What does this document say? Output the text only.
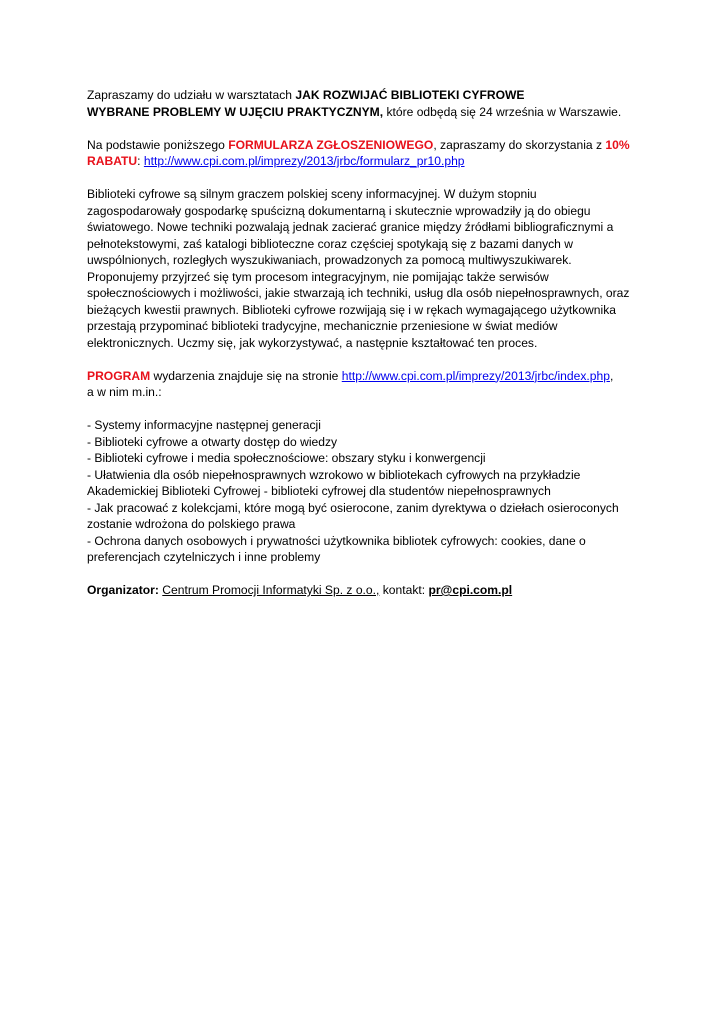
Zapraszamy do udziału w warsztatach JAK ROZWIJAĆ BIBLIOTEKI CYFROWE
WYBRANE PROBLEMY W UJĘCIU PRAKTYCZNYM, które odbędą się 24 września w Warszawie.

Na podstawie poniższego FORMULARZA ZGŁOSZENIOWEGO, zapraszamy do skorzystania z 10%
RABATU: http://www.cpi.com.pl/imprezy/2013/jrbc/formularz_pr10.php

Biblioteki cyfrowe są silnym graczem polskiej sceny informacyjnej. W dużym stopniu
zagospodarowały gospodarkę spuścizną dokumentarną i skutecznie wprowadziły ją do obiegu
światowego. Nowe techniki pozwalają jednak zacierać granice między źródłami bibliograficznymi a
pełnotekstowymi, zaś katalogi biblioteczne coraz częściej spotykają się z bazami danych w
uwspólnionych, rozległych wyszukiwaniach, prowadzonych za pomocą multiwyszukiwarek.
Proponujemy przyjrzeć się tym procesom integracyjnym, nie pomijając także serwisów
społecznościowych i możliwości, jakie stwarzają ich techniki, usług dla osób niepełnosprawnych, oraz
bieżących kwestii prawnych. Biblioteki cyfrowe rozwijają się i w rękach wymagającego użytkownika
przestają przypominać biblioteki tradycyjne, mechanicznie przeniesione w świat mediów
elektronicznych. Uczmy się, jak wykorzystywać, a następnie kształtować ten proces.

PROGRAM wydarzenia znajduje się na stronie http://www.cpi.com.pl/imprezy/2013/jrbc/index.php,
a w nim m.in.:

- Systemy informacyjne następnej generacji
- Biblioteki cyfrowe a otwarty dostęp do wiedzy
- Biblioteki cyfrowe i media społecznościowe: obszary styku i konwergencji
- Ułatwienia dla osób niepełnosprawnych wzrokowo w bibliotekach cyfrowych na przykładzie
Akademickiej Biblioteki Cyfrowej - biblioteki cyfrowej dla studentów niepełnosprawnych
- Jak pracować z kolekcjami, które mogą być osierocone, zanim dyrektywa o dziełach osieroconych
zostanie wdrożona do polskiego prawa
- Ochrona danych osobowych i prywatności użytkownika bibliotek cyfrowych: cookies, dane o
preferencjach czytelniczych i inne problemy

Organizator: Centrum Promocji Informatyki Sp. z o.o., kontakt: pr@cpi.com.pl
